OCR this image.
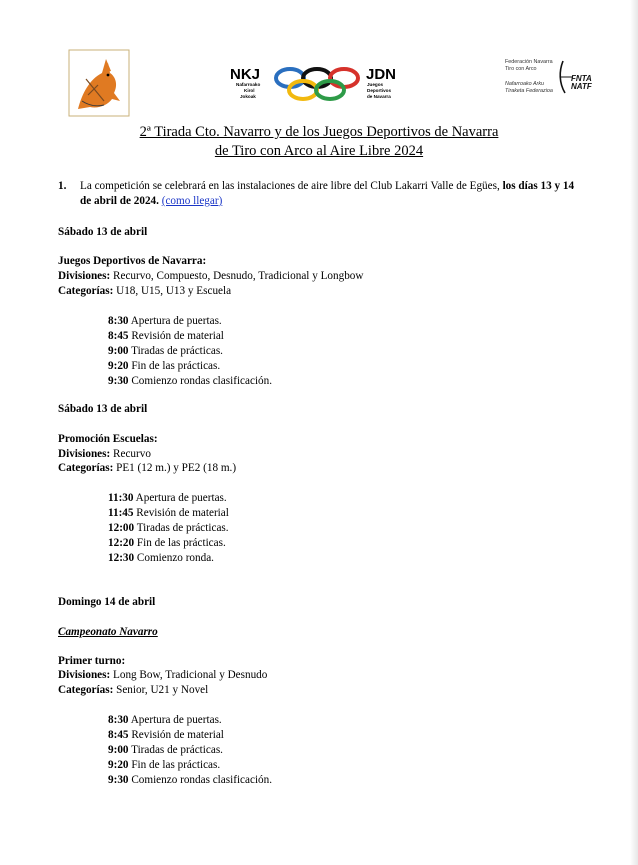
NKJ
Nafarroako
Kirol
Jokoak
JDN
Juegos
Deportivos
de Navarra
Federación Navarra
Tiro con Arco
Nafarroako Arku
Tiraketa Federazioa
FNTA
NATF
2ª Tirada Cto. Navarro y de los Juegos Deportivos de Navarra
de Tiro con Arco al Aire Libre 2024
1.	La competición se celebrará en las instalaciones de aire libre del Club Lakarri Valle de Egües, los días 13 y 14 de abril de 2024. (como llegar)
Sábado 13 de abril
Juegos Deportivos de Navarra:
Divisiones: Recurvo, Compuesto, Desnudo, Tradicional y Longbow
Categorías: U18, U15, U13 y Escuela
8:30 Apertura de puertas.
8:45 Revisión de material
9:00 Tiradas de prácticas.
9:20 Fin de las prácticas.
9:30 Comienzo rondas clasificación.
Sábado 13 de abril
Promoción Escuelas:
Divisiones: Recurvo
Categorías: PE1 (12 m.) y PE2 (18 m.)
11:30 Apertura de puertas.
11:45 Revisión de material
12:00 Tiradas de prácticas.
12:20 Fin de las prácticas.
12:30 Comienzo ronda.
Domingo 14 de abril
Campeonato Navarro
Primer turno:
Divisiones: Long Bow, Tradicional y Desnudo
Categorías: Senior, U21 y Novel
8:30 Apertura de puertas.
8:45 Revisión de material
9:00 Tiradas de prácticas.
9:20 Fin de las prácticas.
9:30 Comienzo rondas clasificación.
